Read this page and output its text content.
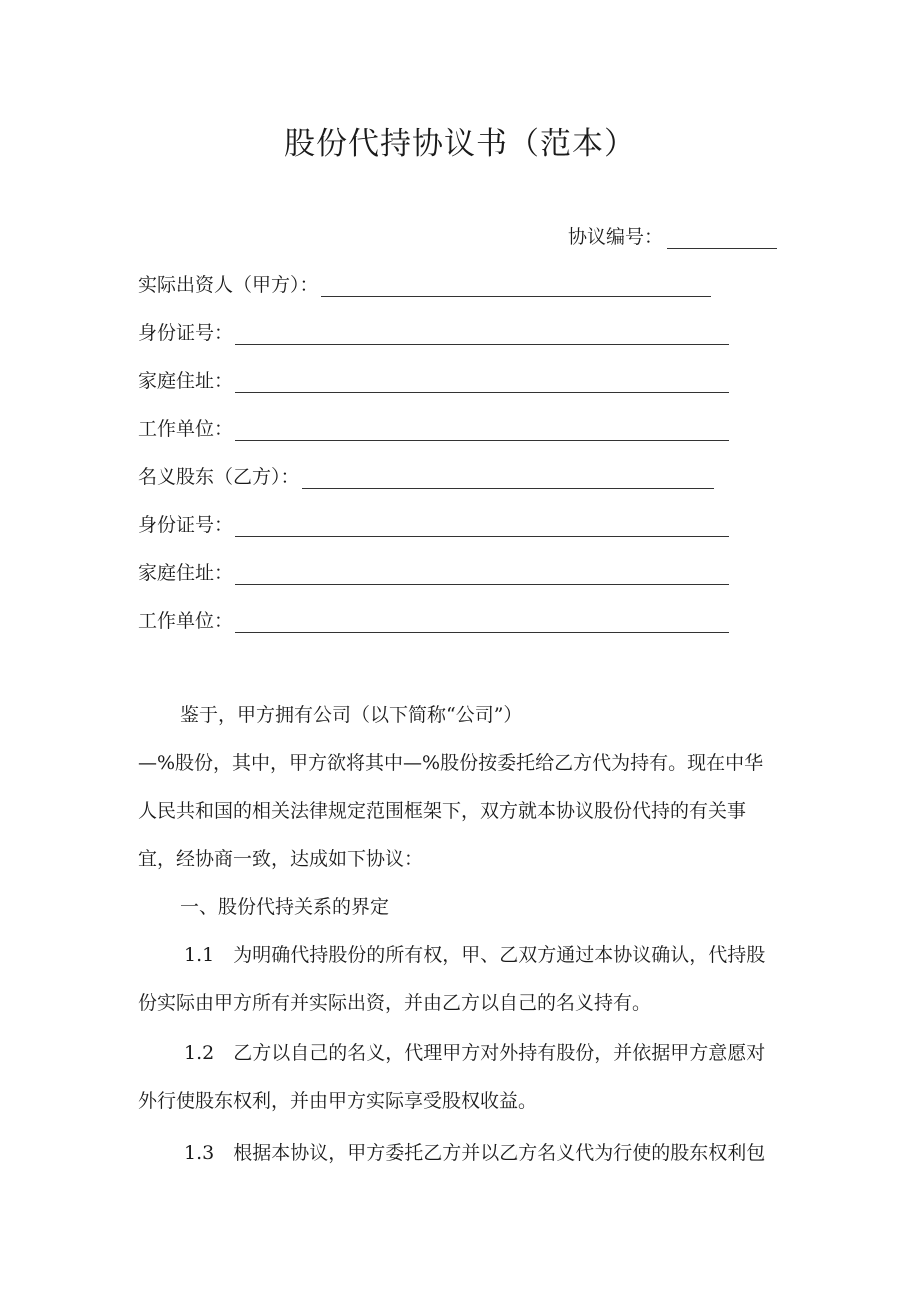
股份代持协议书（范本）
协议编号：
实际出资人（甲方）：
身份证号：
家庭住址：
工作单位：
名义股东（乙方）：
身份证号：
家庭住址：
工作单位：
鉴于，甲方拥有公司（以下简称“公司”）
—%股份，其中，甲方欲将其中—%股份按委托给乙方代为持有。现在中华
人民共和国的相关法律规定范围框架下，双方就本协议股份代持的有关事
宜，经协商一致，达成如下协议：
一、股份代持关系的界定
1.1　为明确代持股份的所有权，甲、乙双方通过本协议确认，代持股
份实际由甲方所有并实际出资，并由乙方以自己的名义持有。
1.2　乙方以自己的名义，代理甲方对外持有股份，并依据甲方意愿对
外行使股东权利，并由甲方实际享受股权收益。
1.3　根据本协议，甲方委托乙方并以乙方名义代为行使的股东权利包
